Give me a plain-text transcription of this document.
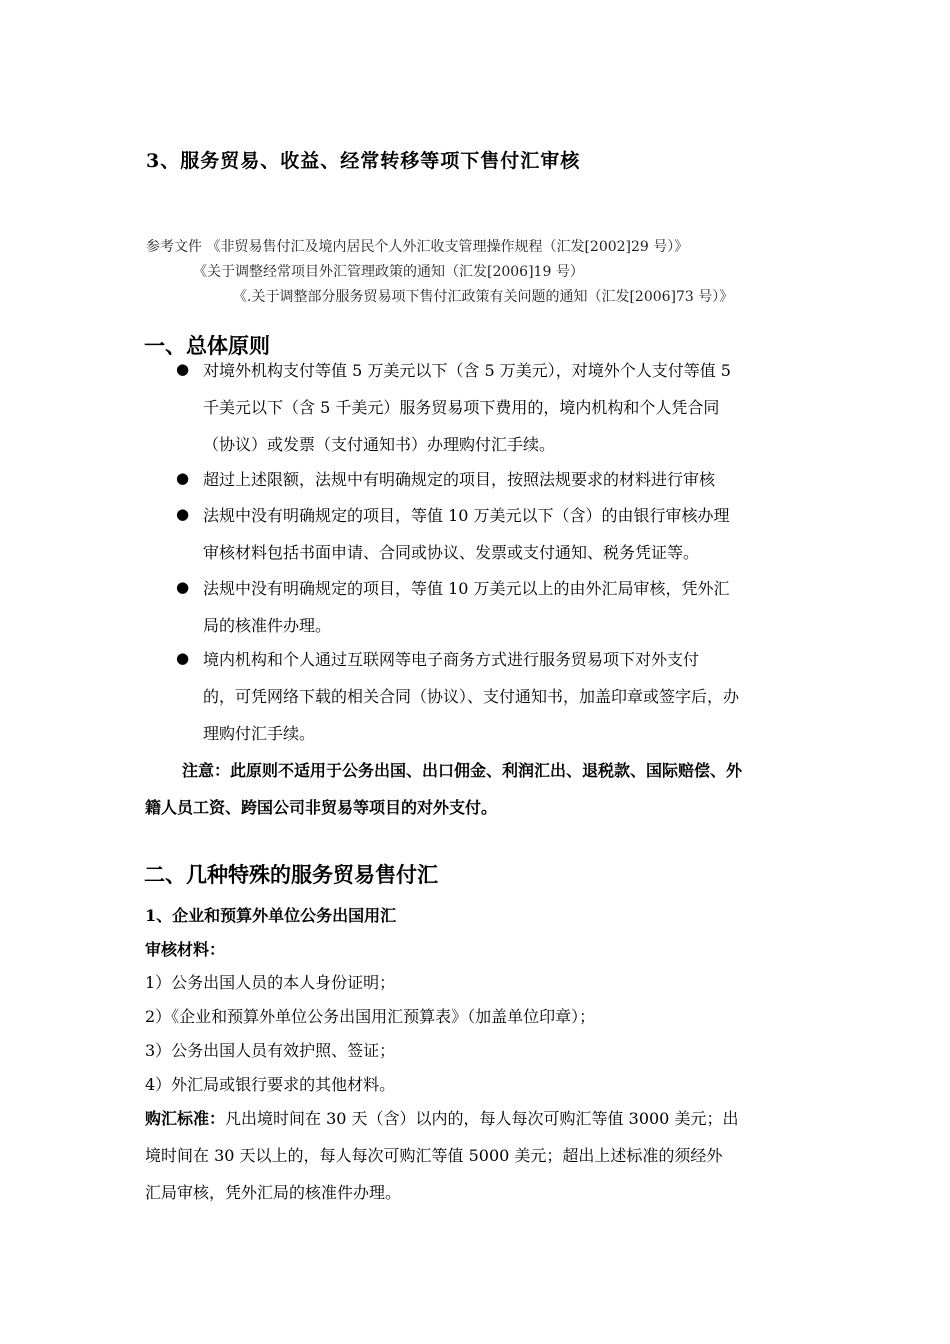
3、服务贸易、收益、经常转移等项下售付汇审核
参考文件 《非贸易售付汇及境内居民个人外汇收支管理操作规程（汇发[2002]29 号）》
《关于调整经常项目外汇管理政策的通知（汇发[2006]19 号）
《.关于调整部分服务贸易项下售付汇政策有关问题的通知（汇发[2006]73 号）》
一、总体原则
● 对境外机构支付等值 5 万美元以下（含 5 万美元），对境外个人支付等值 5
千美元以下（含 5 千美元）服务贸易项下费用的，境内机构和个人凭合同
（协议）或发票（支付通知书）办理购付汇手续。
● 超过上述限额，法规中有明确规定的项目，按照法规要求的材料进行审核
● 法规中没有明确规定的项目，等值 10 万美元以下（含）的由银行审核办理
审核材料包括书面申请、合同或协议、发票或支付通知、税务凭证等。
● 法规中没有明确规定的项目，等值 10 万美元以上的由外汇局审核，凭外汇
局的核准件办理。
● 境内机构和个人通过互联网等电子商务方式进行服务贸易项下对外支付
的，可凭网络下载的相关合同（协议）、支付通知书，加盖印章或签字后，办
理购付汇手续。
注意：此原则不适用于公务出国、出口佣金、利润汇出、退税款、国际赔偿、外
籍人员工资、跨国公司非贸易等项目的对外支付。
二、几种特殊的服务贸易售付汇
1、企业和预算外单位公务出国用汇
审核材料：
1）公务出国人员的本人身份证明；
2）《企业和预算外单位公务出国用汇预算表》（加盖单位印章）；
3）公务出国人员有效护照、签证；
4）外汇局或银行要求的其他材料。
购汇标准：凡出境时间在 30 天（含）以内的，每人每次可购汇等值 3000 美元；出
境时间在 30 天以上的，每人每次可购汇等值 5000 美元；超出上述标准的须经外
汇局审核，凭外汇局的核准件办理。
